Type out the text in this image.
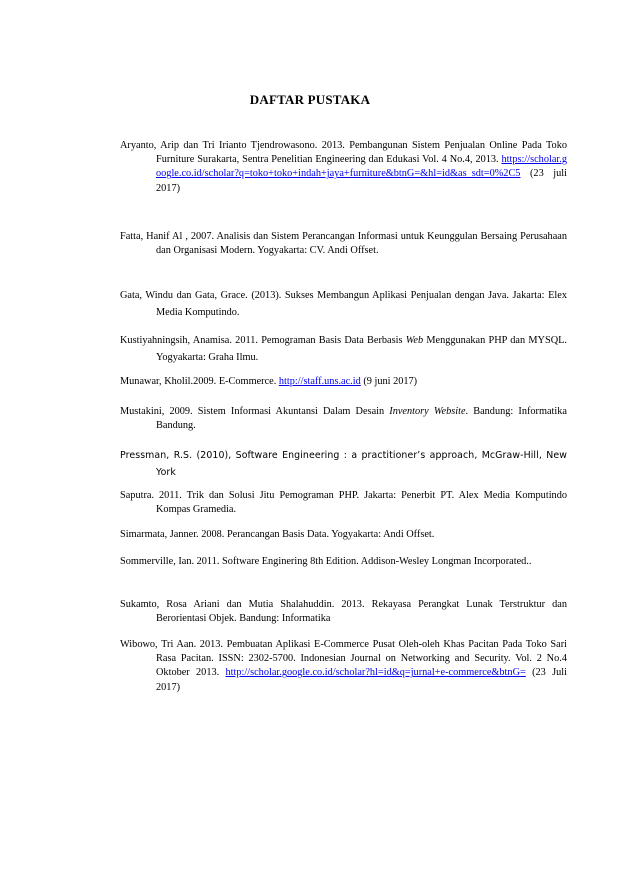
DAFTAR PUSTAKA

Aryanto, Arip dan Tri Irianto Tjendrowasono. 2013. Pembangunan Sistem Penjualan Online Pada Toko Furniture Surakarta, Sentra Penelitian Engineering dan Edukasi Vol. 4 No.4, 2013. https://scholar.google.co.id/scholar?q=toko+toko+indah+jaya+furniture&btnG=&hl=id&as_sdt=0%2C5 (23 juli 2017)

Fatta, Hanif Al , 2007. Analisis dan Sistem Perancangan Informasi untuk Keunggulan Bersaing Perusahaan dan Organisasi Modern. Yogyakarta: CV. Andi Offset.

Gata, Windu dan Gata, Grace. (2013). Sukses Membangun Aplikasi Penjualan dengan Java. Jakarta: Elex Media Komputindo.

Kustiyahningsih, Anamisa. 2011. Pemograman Basis Data Berbasis Web Menggunakan PHP dan MYSQL. Yogyakarta: Graha Ilmu.

Munawar, Kholil.2009. E-Commerce. http://staff.uns.ac.id (9 juni 2017)

Mustakini, 2009. Sistem Informasi Akuntansi Dalam Desain Inventory Website. Bandung: Informatika Bandung.

Pressman, R.S. (2010), Software Engineering : a practitioner’s approach, McGraw-Hill, New York

Saputra. 2011. Trik dan Solusi Jitu Pemograman PHP. Jakarta: Penerbit PT. Alex Media Komputindo Kompas Gramedia.

Simarmata, Janner. 2008. Perancangan Basis Data. Yogyakarta: Andi Offset.

Sommerville, Ian. 2011. Software Enginering 8th Edition. Addison-Wesley Longman Incorporated..

Sukamto, Rosa Ariani dan Mutia Shalahuddin. 2013. Rekayasa Perangkat Lunak Terstruktur dan Berorientasi Objek. Bandung: Informatika

Wibowo, Tri Aan. 2013. Pembuatan Aplikasi E-Commerce Pusat Oleh-oleh Khas Pacitan Pada Toko Sari Rasa Pacitan. ISSN: 2302-5700. Indonesian Journal on Networking and Security. Vol. 2 No.4 Oktober 2013. http://scholar.google.co.id/scholar?hl=id&q=jurnal+e-commerce&btnG= (23 Juli 2017)
